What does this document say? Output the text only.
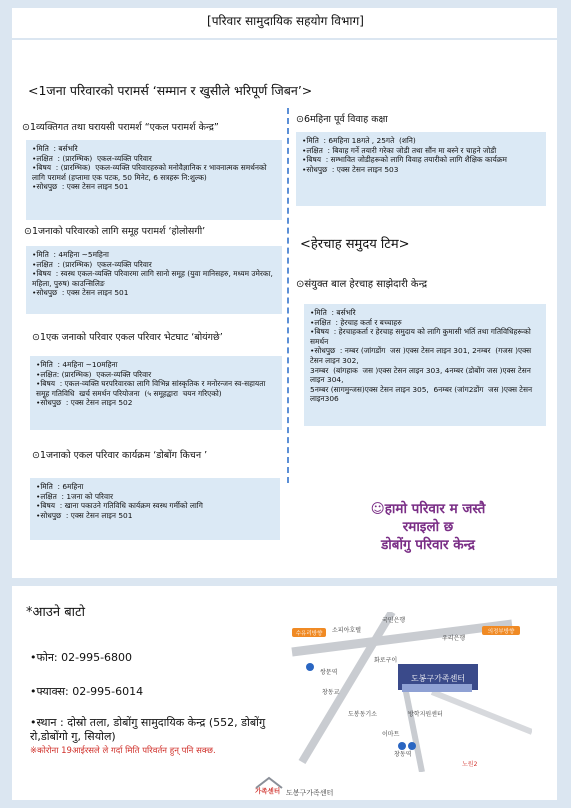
[परिवार सामुदायिक सहयोग विभाग]
<1जना परिवारको परामर्स ‘सम्मान र खुसीले भरिपूर्ण जिबन’>
⊙1व्यक्तिगत तथा घरायसी परामर्श “एकल परामर्श केन्द्र”
•मिति  : बर्सभरि
•लक्षित  : (प्रारम्भिक)  एकल-व्यक्ति परिवार
•बिषय  : (प्रारम्भिक)  एकल-व्यक्ति परिवारहरुको मनोवैज्ञानिक र भावनात्मक समर्थनको लागि परामर्श (हप्तामा एक पटक, 50 मिनेट, 6 सत्रहरू नि:शुल्क)
•सोधपुछ  : एक्स टेसन लाइन 501
⊙1जनाको परिवारको लागि समूह परामर्श ‘होलोसगी’
•मिति  : 4महिना ~5महिना
•लक्षित  : (प्रारम्भिक)  एकल-व्यक्ति परिवार
•बिषय  : स्वस्थ एकल-व्यक्ति परिवारमा लागि सानो समूह (युवा मानिसहरु, मध्यम उमेरका, महिला, पुरुष) काउन्सिलिङ
•सोधपुछ  : एक्स टेसन लाइन 501
⊙1एक जनाको परिवार एकल परिवार भेटघाट ‘बोयंगछे’
•मिति  : 4महिना ~10महिना
•लक्षित: (प्रारम्भिक)  एकल-व्यक्ति परिवार
•बिषय  : एकल-व्यक्ति घरपरिवारका लागि विभिन्न सांस्कृतिक र मनोरन्जन स्व-सहायता  समूह गतिविधि  खर्च समर्थन परियोजना  (५ समूहद्वारा  चयन गरिएको)
•सोधपुछ  : एक्स टेसन लाइन 502
⊙1जनाको एकल परिवार कार्यक्रम ‘डोबोंग किचन ’
•मिति  : 6महिना
•लक्षित  : 1जना को परिवार
•बिषय  : खाना पकाउने गतिविधि कार्यक्रम स्वस्थ गर्मीको लागि
•सोधपुछ  : एक्स टेसन लाइन 501
⊙6महिना पूर्व विवाह कक्षा
•मिति  : 6महिना 18गते , 25गते  (शनि)
•लक्षित  : बिवाह गर्ने तयारी गरेका जोडी तथा सौंन मा बस्ने र चाहने जोडी
•बिषय  : सम्भावित जोडीहरूको लागि विवाह तयारीको लागि शैक्षिक कार्यक्रम
•सोधपुछ  : एक्स टेसन लाइन 503
<हेरचाह समुदय टिम>
⊙संयुक्त बाल हेरचाह साझेदारी केन्द्र
•मिति  : बर्सभरि
•लक्षित  : हेरचाह कर्ता र बच्चाहरु
•बिषय  : हेरचाहकर्ता र हेरचाह समुदाय को लागि कुमासी भर्ति तथा गतिविधिहरूको समर्थन
•सोधपुछ  : नम्बर (जांगडोंग  जस )एक्स टेसन लाइन 301, 2नम्बर  (गजस )एक्स टेसन लाइन 302,
3नम्बर  (बांगहाक  जस )एक्स टेसन लाइन 303, 4नम्बर (डोबोंग जस )एक्स टेसन लाइन 304,
5नम्बर (सागमुन्जस)एक्स टेसन लाइन 305,  6नम्बर (जांग2डोंग  जस )एक्स टेसन लाइन306
☺हामो परिवार म जस्तै
रमाइलो छ
डोबोंगु परिवार केन्द्र
*आउने बाटो
•फोन: 02-995-6800
•फ्याक्स: 02-995-6014
•स्थान : दोस्रो तला, डोबोंगु सामुदायिक केन्द्र (552, डोबोंगु रो,डोबोंगो गु, सियोल)
※कोरोना 19आईरसले ले गर्दा मिति परिवर्तन हुन् पनि सक्छ.
도봉구가족센터
수유리방향	의정부방향
노원2
국민은행
소피아호텔
우리은행
쌍문역
창동교
화로구이
도봉동기소	방학지원센터
이마트
창동역
가족센터 도봉구가족센터
